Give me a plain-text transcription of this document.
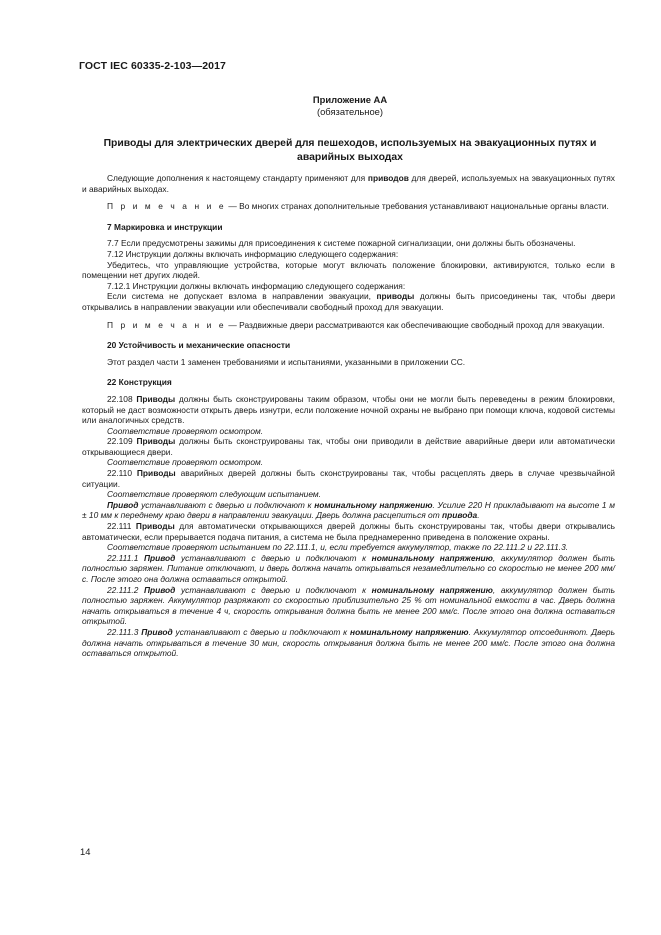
ГОСТ IEC 60335-2-103—2017
Приложение АА
(обязательное)
Приводы для электрических дверей для пешеходов, используемых на эвакуационных путях и аварийных выходах

Следующие дополнения к настоящему стандарту применяют для приводов для дверей, используемых на эвакуационных путях и аварийных выходах.

П р и м е ч а н и е — Во многих странах дополнительные требования устанавливают национальные органы власти.

7 Маркировка и инструкции

7.7 Если предусмотрены зажимы для присоединения к системе пожарной сигнализации, они должны быть обозначены.

7.12 Инструкции должны включать информацию следующего содержания:

Убедитесь, что управляющие устройства, которые могут включать положение блокировки, активируются, только если в помещении нет других людей.

7.12.1 Инструкции должны включать информацию следующего содержания:

Если система не допускает взлома в направлении эвакуации, приводы должны быть присоединены так, чтобы двери открывались в направлении эвакуации или обеспечивали свободный проход для эвакуации.

П р и м е ч а н и е — Раздвижные двери рассматриваются как обеспечивающие свободный проход для эвакуации.

20 Устойчивость и механические опасности

Этот раздел части 1 заменен требованиями и испытаниями, указанными в приложении СС.

22 Конструкция

22.108 Приводы должны быть сконструированы таким образом, чтобы они не могли быть переведены в режим блокировки, который не даст возможности открыть дверь изнутри, если положение ночной охраны не выбрано при помощи ключа, кодовой системы или аналогичных средств.

Соответствие проверяют осмотром.

22.109 Приводы должны быть сконструированы так, чтобы они приводили в действие аварийные двери или автоматически открывающиеся двери.

Соответствие проверяют осмотром.

22.110 Приводы аварийных дверей должны быть сконструированы так, чтобы расцеплять дверь в случае чрезвычайной ситуации.

Соответствие проверяют следующим испытанием.

Привод устанавливают с дверью и подключают к номинальному напряжению. Усилие 220 Н прикладывают на высоте 1 м ± 10 мм к переднему краю двери в направлении эвакуации. Дверь должна расцепиться от привода.

22.111 Приводы для автоматически открывающихся дверей должны быть сконструированы так, чтобы двери открывались автоматически, если прерывается подача питания, а система не была преднамеренно приведена в положение охраны.

Соответствие проверяют испытанием по 22.111.1, и, если требуется аккумулятор, также по 22.111.2 и 22.111.3.

22.111.1 Привод устанавливают с дверью и подключают к номинальному напряжению, аккумулятор должен быть полностью заряжен. Питание отключают, и дверь должна начать открываться незамедлительно со скоростью не менее 200 мм/с. После этого она должна оставаться открытой.

22.111.2 Привод устанавливают с дверью и подключают к номинальному напряжению, аккумулятор должен быть полностью заряжен. Аккумулятор разряжают со скоростью приблизительно 25 % от номинальной емкости в час. Дверь должна начать открываться в течение 4 ч, скорость открывания должна быть не менее 200 мм/с. После этого она должна оставаться открытой.

22.111.3 Привод устанавливают с дверью и подключают к номинальному напряжению. Аккумулятор отсоединяют. Дверь должна начать открываться в течение 30 мин, скорость открывания должна быть не менее 200 мм/с. После этого она должна оставаться открытой.

14
